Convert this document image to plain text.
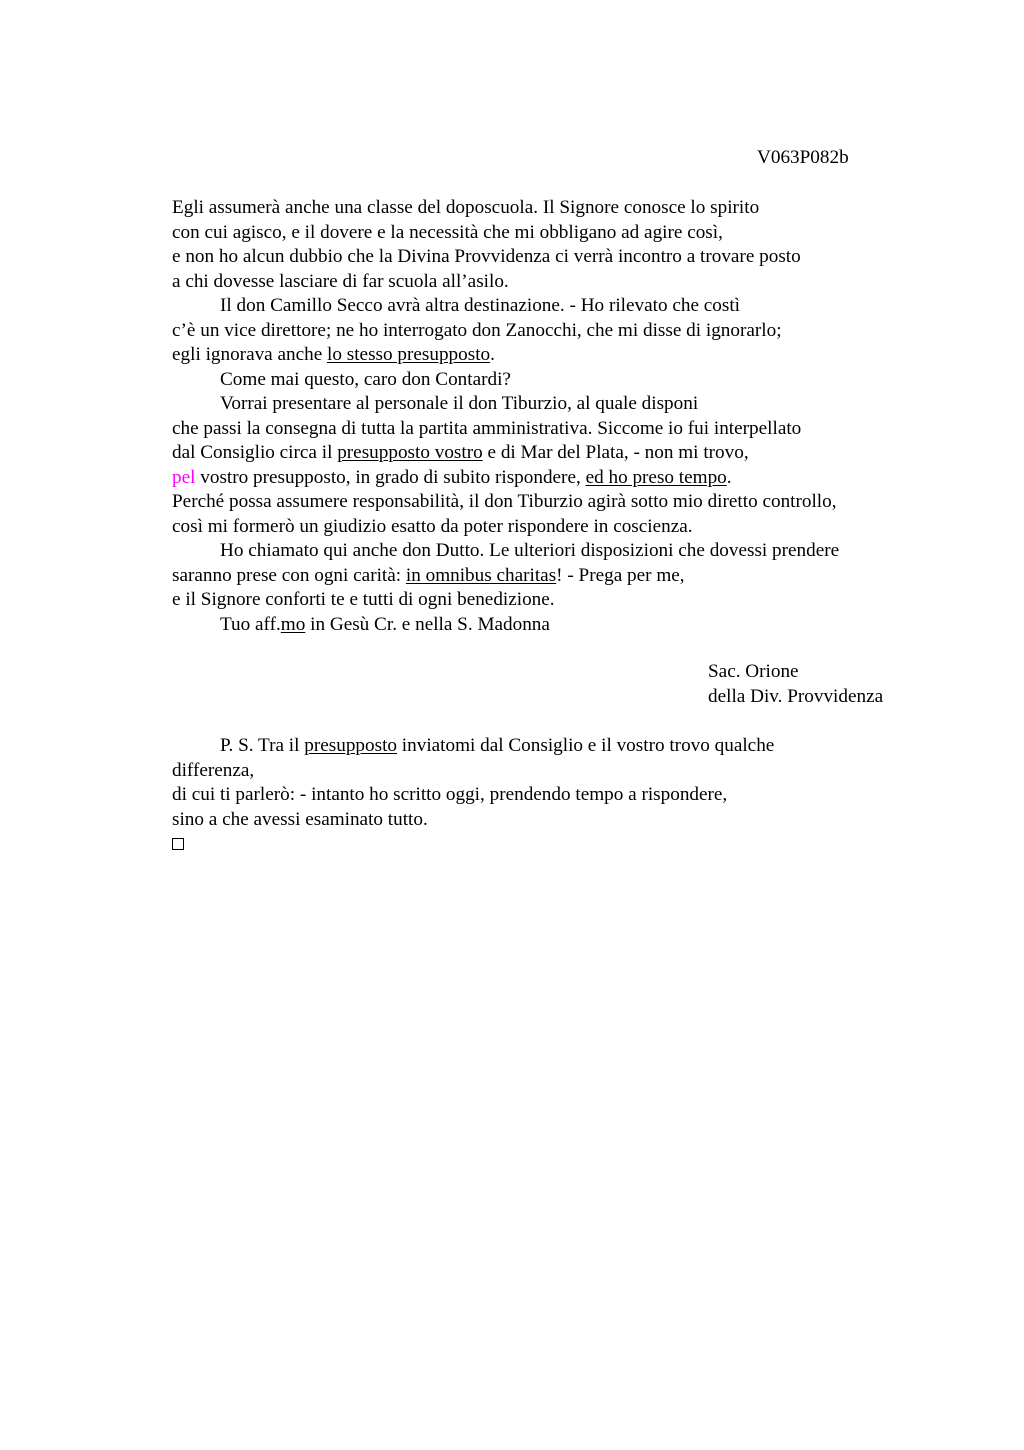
V063P082b
Egli assumerà anche una classe del doposcuola. Il Signore conosce lo spirito
con cui agisco, e il dovere e la necessità che mi obbligano ad agire così,
e non ho alcun dubbio che la Divina Provvidenza ci verrà incontro a trovare posto
a chi dovesse lasciare di far scuola all’asilo.
Il don Camillo Secco avrà altra destinazione. - Ho rilevato che costì
c’è un vice direttore; ne ho interrogato don Zanocchi, che mi disse di ignorarlo;
egli ignorava anche lo stesso presupposto.
Come mai questo, caro don Contardi?
Vorrai presentare al personale il don Tiburzio, al quale disponi
che passi la consegna di tutta la partita amministrativa. Siccome io fui interpellato
dal Consiglio circa il presupposto vostro e di Mar del Plata, - non mi trovo,
pel vostro presupposto, in grado di subito rispondere, ed ho preso tempo.
Perché possa assumere responsabilità, il don Tiburzio agirà sotto mio diretto controllo,
così mi formerò un giudizio esatto da poter rispondere in coscienza.
Ho chiamato qui anche don Dutto. Le ulteriori disposizioni che dovessi prendere
saranno prese con ogni carità: in omnibus charitas! - Prega per me,
e il Signore conforti te e tutti di ogni benedizione.
Tuo aff.mo in Gesù Cr. e nella S. Madonna
Sac. Orione
della Div. Provvidenza
P. S. Tra il presupposto inviatomi dal Consiglio e il vostro trovo qualche
differenza,
di cui ti parlerò: - intanto ho scritto oggi, prendendo tempo a rispondere,
sino a che avessi esaminato tutto.
